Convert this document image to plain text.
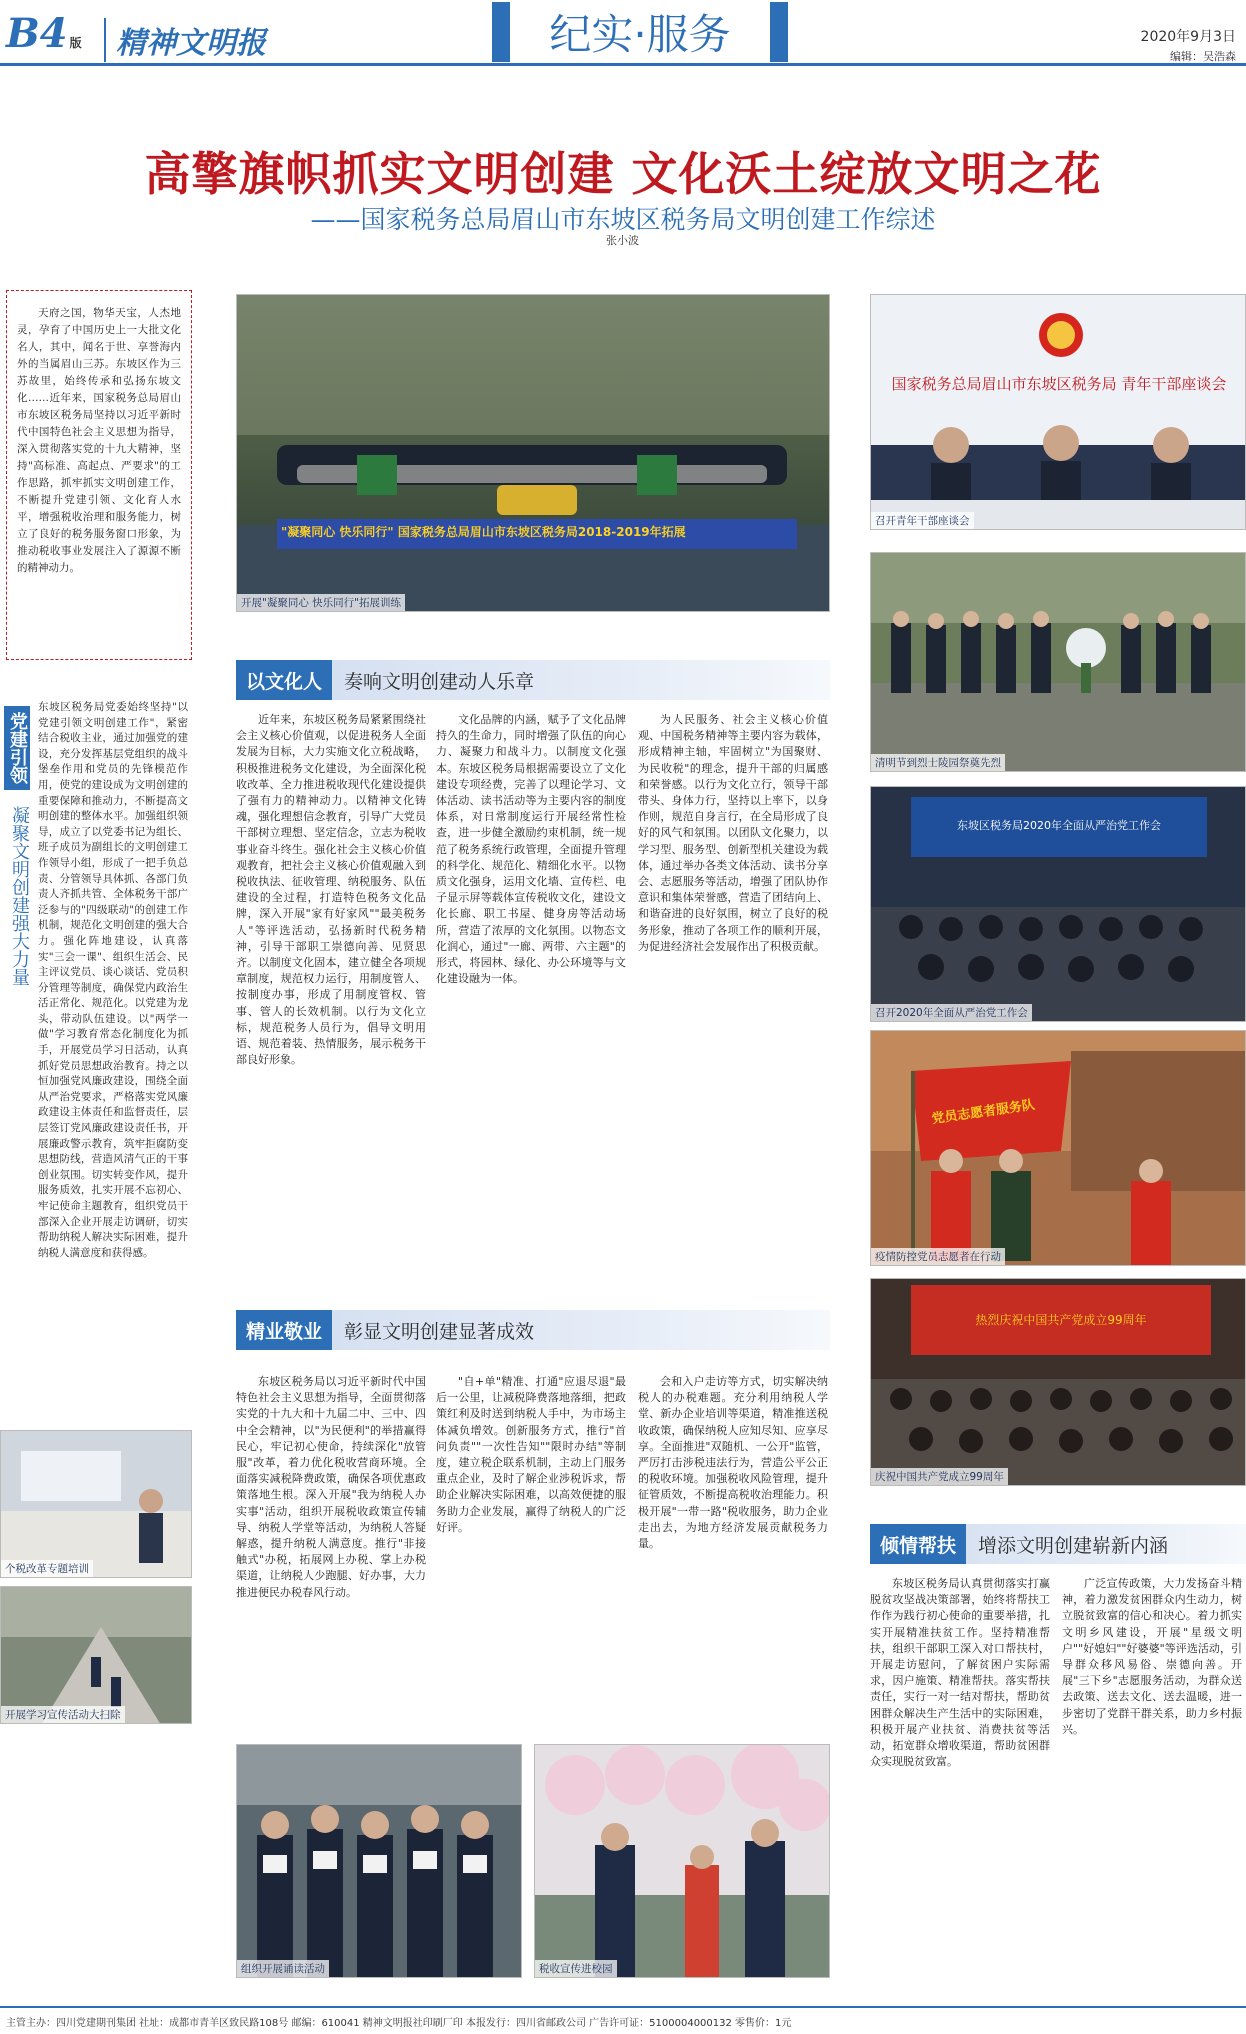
B4 版	精神文明报	纪实·服务	2020年9月3日
编辑：吴浩森
高擎旗帜抓实文明创建 文化沃土绽放文明之花
——国家税务总局眉山市东坡区税务局文明创建工作综述
张小波
天府之国，物华天宝，人杰地灵，孕育了中国历史上一大批文化名人，其中，闻名于世、享誉海内外的当属眉山三苏。东坡区作为三苏故里，始终传承和弘扬东坡文化……近年来，国家税务总局眉山市东坡区税务局坚持以习近平新时代中国特色社会主义思想为指导，深入贯彻落实党的十九大精神，坚持"高标准、高起点、严要求"的工作思路，抓牢抓实文明创建工作，不断提升党建引领、文化育人水平，增强税收治理和服务能力，树立了良好的税务服务窗口形象，为推动税收事业发展注入了源源不断的精神动力。
"凝聚同心 快乐同行" 国家税务总局眉山市东坡区税务局2018-2019年拓展
开展"凝聚同心 快乐同行"拓展训练
国家税务总局眉山市东坡区税务局 青年干部座谈会
召开青年干部座谈会
清明节到烈士陵园祭奠先烈
东坡区税务局2020年全面从严治党工作会
召开2020年全面从严治党工作会
党员志愿者服务队
疫情防控党员志愿者在行动
热烈庆祝中国共产党成立99周年
庆祝中国共产党成立99周年
党建引领
凝聚文明创建强大力量
东坡区税务局党委始终坚持"以党建引领文明创建工作"，紧密结合税收主业，通过加强党的建设，充分发挥基层党组织的战斗堡垒作用和党员的先锋模范作用，使党的建设成为文明创建的重要保障和推动力，不断提高文明创建的整体水平。加强组织领导，成立了以党委书记为组长、班子成员为副组长的文明创建工作领导小组，形成了一把手负总责、分管领导具体抓、各部门负责人齐抓共管、全体税务干部广泛参与的"四级联动"的创建工作机制，规范化文明创建的强大合力。强化阵地建设，认真落实"三会一课"、组织生活会、民主评议党员、谈心谈话、党员积分管理等制度，确保党内政治生活正常化、规范化。以党建为龙头，带动队伍建设。以"两学一做"学习教育常态化制度化为抓手，开展党员学习日活动，认真抓好党员思想政治教育。持之以恒加强党风廉政建设，围绕全面从严治党要求，严格落实党风廉政建设主体责任和监督责任，层层签订党风廉政建设责任书，开展廉政警示教育，筑牢拒腐防变思想防线，营造风清气正的干事创业氛围。切实转变作风，提升服务质效，扎实开展不忘初心、牢记使命主题教育，组织党员干部深入企业开展走访调研，切实帮助纳税人解决实际困难，提升纳税人满意度和获得感。
个税改革专题培训
开展学习宣传活动大扫除
以文化人	奏响文明创建动人乐章
近年来，东坡区税务局紧紧围绕社会主义核心价值观，以促进税务人全面发展为目标，大力实施文化立税战略，积极推进税务文化建设，为全面深化税收改革、全力推进税收现代化建设提供了强有力的精神动力。以精神文化铸魂，强化理想信念教育，引导广大党员干部树立理想、坚定信念，立志为税收事业奋斗终生。强化社会主义核心价值观教育，把社会主义核心价值观融入到税收执法、征收管理、纳税服务、队伍建设的全过程，打造特色税务文化品牌，深入开展"家有好家风""最美税务人"等评选活动，弘扬新时代税务精神，引导干部职工崇德向善、见贤思齐。以制度文化固本，建立健全各项规章制度，规范权力运行，用制度管人、按制度办事，形成了用制度管权、管事、管人的长效机制。以行为文化立标，规范税务人员行为，倡导文明用语、规范着装、热情服务，展示税务干部良好形象。
文化品牌的内涵，赋予了文化品牌持久的生命力，同时增强了队伍的向心力、凝聚力和战斗力。以制度文化强本。东坡区税务局根据需要设立了文化建设专项经费，完善了以理论学习、文体活动、读书活动等为主要内容的制度体系，对日常制度运行开展经常性检查，进一步健全激励约束机制，统一规范了税务系统行政管理，全面提升管理的科学化、规范化、精细化水平。以物质文化强身，运用文化墙、宣传栏、电子显示屏等载体宣传税收文化，建设文化长廊、职工书屋、健身房等活动场所，营造了浓厚的文化氛围。以物态文化润心，通过"一廊、两带、六主题"的形式，将园林、绿化、办公环境等与文化建设融为一体。
为人民服务、社会主义核心价值观、中国税务精神等主要内容为载体，形成精神主轴，牢固树立"为国聚财、为民收税"的理念，提升干部的归属感和荣誉感。以行为文化立行，领导干部带头、身体力行，坚持以上率下，以身作则，规范自身言行，在全局形成了良好的风气和氛围。以团队文化聚力，以学习型、服务型、创新型机关建设为载体，通过举办各类文体活动、读书分享会、志愿服务等活动，增强了团队协作意识和集体荣誉感，营造了团结向上、和谐奋进的良好氛围，树立了良好的税务形象，推动了各项工作的顺利开展，为促进经济社会发展作出了积极贡献。
精业敬业	彰显文明创建显著成效
东坡区税务局以习近平新时代中国特色社会主义思想为指导，全面贯彻落实党的十九大和十九届二中、三中、四中全会精神，以"为民便利"的举措赢得民心，牢记初心使命，持续深化"放管服"改革，着力优化税收营商环境。全面落实减税降费政策，确保各项优惠政策落地生根。深入开展"我为纳税人办实事"活动，组织开展税收政策宣传辅导、纳税人学堂等活动，为纳税人答疑解惑，提升纳税人满意度。推行"非接触式"办税，拓展网上办税、掌上办税渠道，让纳税人少跑腿、好办事，大力推进便民办税春风行动。
"自+单"精准、打通"应退尽退"最后一公里，让减税降费落地落细，把政策红利及时送到纳税人手中，为市场主体减负增效。创新服务方式，推行"首问负责""一次性告知""限时办结"等制度，建立税企联系机制，主动上门服务重点企业，及时了解企业涉税诉求，帮助企业解决实际困难，以高效便捷的服务助力企业发展，赢得了纳税人的广泛好评。
会和入户走访等方式，切实解决纳税人的办税难题。充分利用纳税人学堂、新办企业培训等渠道，精准推送税收政策，确保纳税人应知尽知、应享尽享。全面推进"双随机、一公开"监管，严厉打击涉税违法行为，营造公平公正的税收环境。加强税收风险管理，提升征管质效，不断提高税收治理能力。积极开展"一带一路"税收服务，助力企业走出去，为地方经济发展贡献税务力量。
组织开展诵读活动	税收宣传进校园
倾情帮扶	增添文明创建崭新内涵
东坡区税务局认真贯彻落实打赢脱贫攻坚战决策部署，始终将帮扶工作作为践行初心使命的重要举措，扎实开展精准扶贫工作。坚持精准帮扶，组织干部职工深入对口帮扶村，开展走访慰问，了解贫困户实际需求，因户施策、精准帮扶。落实帮扶责任，实行一对一结对帮扶，帮助贫困群众解决生产生活中的实际困难，积极开展产业扶贫、消费扶贫等活动，拓宽群众增收渠道，帮助贫困群众实现脱贫致富。
广泛宣传政策，大力发扬奋斗精神，着力激发贫困群众内生动力，树立脱贫致富的信心和决心。着力抓实文明乡风建设，开展"星级文明户""好媳妇""好婆婆"等评选活动，引导群众移风易俗、崇德向善。开展"三下乡"志愿服务活动，为群众送去政策、送去文化、送去温暖，进一步密切了党群干群关系，助力乡村振兴。
主管主办：四川党建期刊集团 社址：成都市青羊区致民路108号 邮编：610041 精神文明报社印刷厂印 本报发行：四川省邮政公司 广告许可证：5100004000132 零售价：1元
